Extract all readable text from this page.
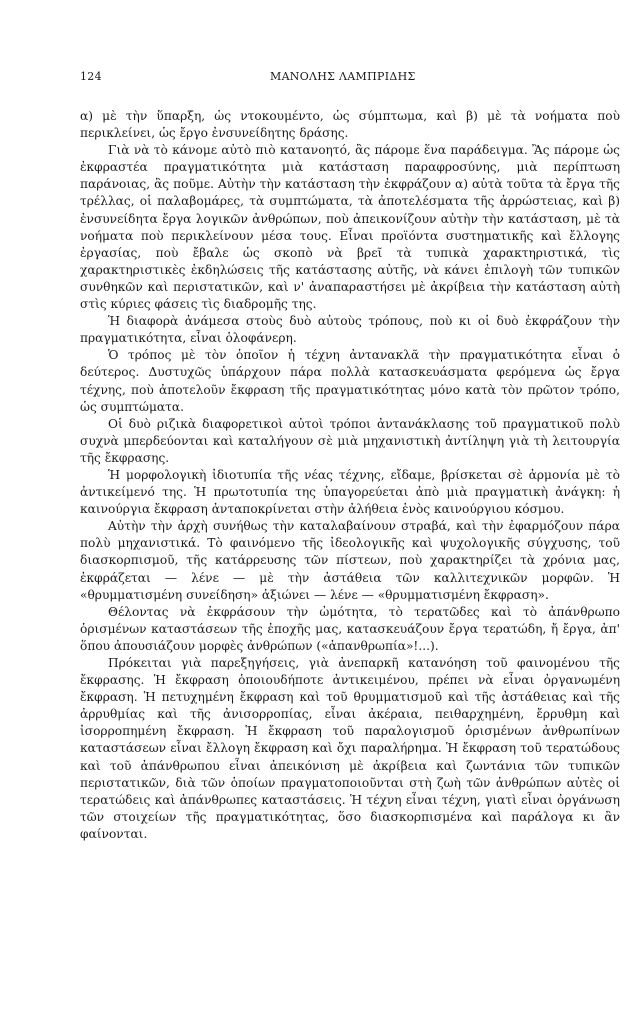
124	ΜΑΝΟΛΗΣ ΛΑΜΠΡΙΔΗΣ

α) μὲ τὴν ὕπαρξη, ὡς ντοκουμέντο, ὡς σύμπτωμα, καὶ β) μὲ τὰ νοήματα ποὺ περικλείνει, ὡς ἔργο ἐνσυνείδητης δράσης.

Γιὰ νὰ τὸ κάνομε αὐτὸ πιὸ κατανοητό, ἂς πάρομε ἕνα παράδειγμα. Ἂς πάρομε ὡς ἐκφραστέα πραγματικότητα μιὰ κατάσταση παραφροσύνης, μιὰ περίπτωση παράνοιας, ἂς ποῦμε. Αὐτὴν τὴν κατάσταση τὴν ἐκφράζουν α) αὐτὰ τοῦτα τὰ ἔργα τῆς τρέλλας, οἱ παλαβομάρες, τὰ συμπτώματα, τὰ ἀποτελέσματα τῆς ἀρρώστειας, καὶ β) ἐνσυνείδητα ἔργα λογικῶν ἀνθρώπων, ποὺ ἀπεικονίζουν αὐτὴν τὴν κατάσταση, μὲ τὰ νοήματα ποὺ περικλείνουν μέσα τους. Εἶναι προϊόντα συστηματικῆς καὶ ἔλλογης ἐργασίας, ποὺ ἔβαλε ὡς σκοπὸ νὰ βρεῖ τὰ τυπικὰ χαρακτηριστικά, τὶς χαρακτηριστικὲς ἐκδηλώσεις τῆς κατάστασης αὐτῆς, νὰ κάνει ἐπιλογὴ τῶν τυπικῶν συνθηκῶν καὶ περιστατικῶν, καὶ ν' ἀναπαραστήσει μὲ ἀκρίβεια τὴν κατάσταση αὐτὴ στὶς κύριες φάσεις τὶς διαδρομῆς της.

Ἡ διαφορὰ ἀνάμεσα στοὺς δυὸ αὐτοὺς τρόπους, ποὺ κι οἱ δυὸ ἐκφράζουν τὴν πραγματικότητα, εἶναι ὁλοφάνερη.

Ὁ τρόπος μὲ τὸν ὁποῖον ἡ τέχνη ἀντανακλᾶ τὴν πραγματικότητα εἶναι ὁ δεύτερος. Δυστυχῶς ὑπάρχουν πάρα πολλὰ κατασκευάσματα φερόμενα ὡς ἔργα τέχνης, ποὺ ἀποτελοῦν ἔκφραση τῆς πραγματικότητας μόνο κατὰ τὸν πρῶτον τρόπο, ὡς συμπτώματα.

Οἱ δυὸ ριζικὰ διαφορετικοὶ αὐτοὶ τρόποι ἀντανάκλασης τοῦ πραγματικοῦ πολὺ συχνὰ μπερδεύονται καὶ καταλήγουν σὲ μιὰ μηχανιστικὴ ἀντίληψη γιὰ τὴ λειτουργία τῆς ἔκφρασης.

Ἡ μορφολογικὴ ἰδιοτυπία τῆς νέας τέχνης, εἴδαμε, βρίσκεται σὲ ἁρμονία μὲ τὸ ἀντικείμενό της. Ἡ πρωτοτυπία της ὑπαγορεύεται ἀπὸ μιὰ πραγματικὴ ἀνάγκη: ἡ καινούργια ἔκφραση ἀνταποκρίνεται στὴν ἀλήθεια ἑνὸς καινούργιου κόσμου.

Αὐτὴν τὴν ἀρχὴ συνήθως τὴν καταλαβαίνουν στραβά, καὶ τὴν ἐφαρμόζουν πάρα πολὺ μηχανιστικά. Τὸ φαινόμενο τῆς ἰδεολογικῆς καὶ ψυχολογικῆς σύγχυσης, τοῦ διασκορπισμοῦ, τῆς κατάρρευσης τῶν πίστεων, ποὺ χαρακτηρίζει τὰ χρόνια μας, ἐκφράζεται — λένε — μὲ τὴν ἀστάθεια τῶν καλλιτεχνικῶν μορφῶν. Ἡ «θρυμματισμένη συνείδηση» ἀξιώνει — λένε — «θρυμματισμένη ἔκφραση».

Θέλοντας νὰ ἐκφράσουν τὴν ὠμότητα, τὸ τερατῶδες καὶ τὸ ἀπάνθρωπο ὁρισμένων καταστάσεων τῆς ἐποχῆς μας, κατασκευάζουν ἔργα τερατώδη, ἤ ἔργα, ἀπ' ὅπου ἀπουσιάζουν μορφὲς ἀνθρώπων («ἀπανθρωπία»!...).

Πρόκειται γιὰ παρεξηγήσεις, γιὰ ἀνεπαρκῆ κατανόηση τοῦ φαινομένου τῆς ἔκφρασης. Ἡ ἔκφραση ὁποιουδήποτε ἀντικειμένου, πρέπει νὰ εἶναι ὀργανωμένη ἔκφραση. Ἡ πετυχημένη ἔκφραση καὶ τοῦ θρυμματισμοῦ καὶ τῆς ἀστάθειας καὶ τῆς ἀρρυθμίας καὶ τῆς ἀνισορροπίας, εἶναι ἀκέραια, πειθαρχημένη, ἔρρυθμη καὶ ἰσορροπημένη ἔκφραση. Ἡ ἔκφραση τοῦ παραλογισμοῦ ὁρισμένων ἀνθρωπίνων καταστάσεων εἶναι ἔλλογη ἔκφραση καὶ ὄχι παραλήρημα. Ἡ ἔκφραση τοῦ τερατώδους καὶ τοῦ ἀπάνθρωπου εἶναι ἀπεικόνιση μὲ ἀκρίβεια καὶ ζωντάνια τῶν τυπικῶν περιστατικῶν, διὰ τῶν ὁποίων πραγματοποιοῦνται στὴ ζωὴ τῶν ἀνθρώπων αὐτὲς οἱ τερατώδεις καὶ ἀπάνθρωπες καταστάσεις. Ἡ τέχνη εἶναι τέχνη, γιατὶ εἶναι ὀργάνωση τῶν στοιχείων τῆς πραγματικότητας, ὅσο διασκορπισμένα καὶ παράλογα κι ἂν φαίνονται.
